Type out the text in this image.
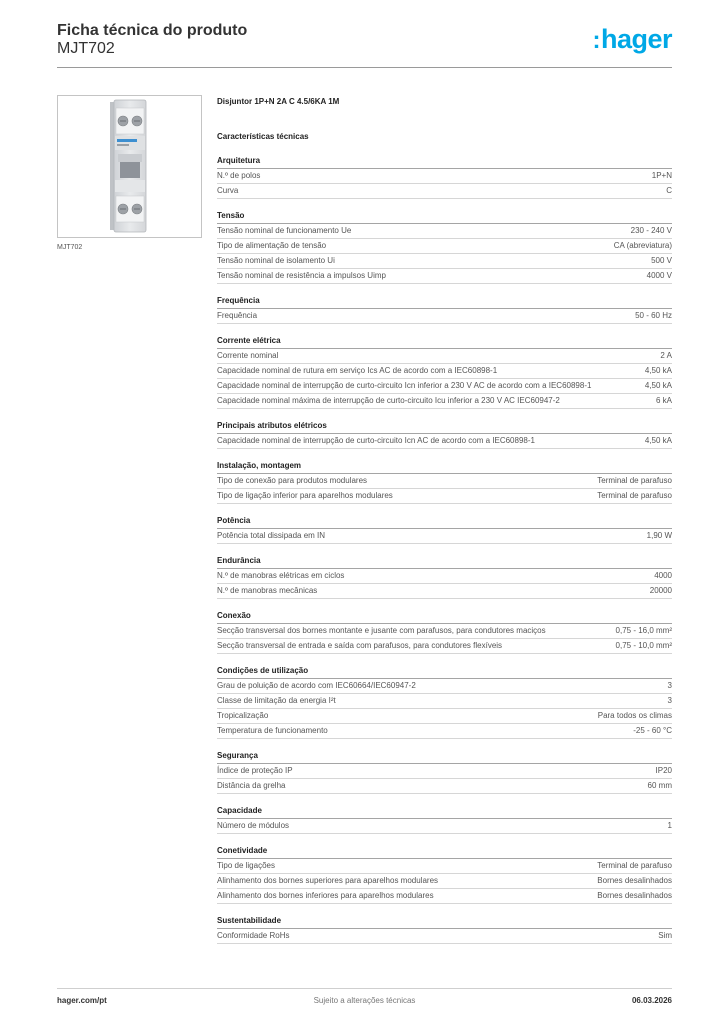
Ficha técnica do produto
MJT702	:hager
MJT702
Disjuntor 1P+N 2A C 4.5/6KA 1M
Características técnicas
Arquitetura
N.º de polos	1P+N
Curva	C
Tensão
Tensão nominal de funcionamento Ue	230 - 240 V
Tipo de alimentação de tensão	CA (abreviatura)
Tensão nominal de isolamento Ui	500 V
Tensão nominal de resistência a impulsos Uimp	4000 V
Frequência
Frequência	50 - 60 Hz
Corrente elétrica
Corrente nominal	2 A
Capacidade nominal de rutura em serviço Ics AC de acordo com a IEC60898-1	4,50 kA
Capacidade nominal de interrupção de curto-circuito Icn inferior a 230 V AC de acordo com a IEC60898-1	4,50 kA
Capacidade nominal máxima de interrupção de curto-circuito Icu inferior a 230 V AC IEC60947-2	6 kA
Principais atributos elétricos
Capacidade nominal de interrupção de curto-circuito Icn AC de acordo com a IEC60898-1	4,50 kA
Instalação, montagem
Tipo de conexão para produtos modulares	Terminal de parafuso
Tipo de ligação inferior para aparelhos modulares	Terminal de parafuso
Potência
Potência total dissipada em IN	1,90 W
Endurância
N.º de manobras elétricas em ciclos	4000
N.º de manobras mecânicas	20000
Conexão
Secção transversal dos bornes montante e jusante com parafusos, para condutores maciços	0,75 - 16,0 mm²
Secção transversal de entrada e saída com parafusos, para condutores flexíveis	0,75 - 10,0 mm²
Condições de utilização
Grau de poluição de acordo com IEC60664/IEC60947-2	3
Classe de limitação da energia I²t	3
Tropicalização	Para todos os climas
Temperatura de funcionamento	-25 - 60 °C
Segurança
Índice de proteção IP	IP20
Distância da grelha	60 mm
Capacidade
Número de módulos	1
Conetividade
Tipo de ligações	Terminal de parafuso
Alinhamento dos bornes superiores para aparelhos modulares	Bornes desalinhados
Alinhamento dos bornes inferiores para aparelhos modulares	Bornes desalinhados
Sustentabilidade
Conformidade RoHs	Sim
hager.com/pt	Sujeito a alterações técnicas	06.03.2026
